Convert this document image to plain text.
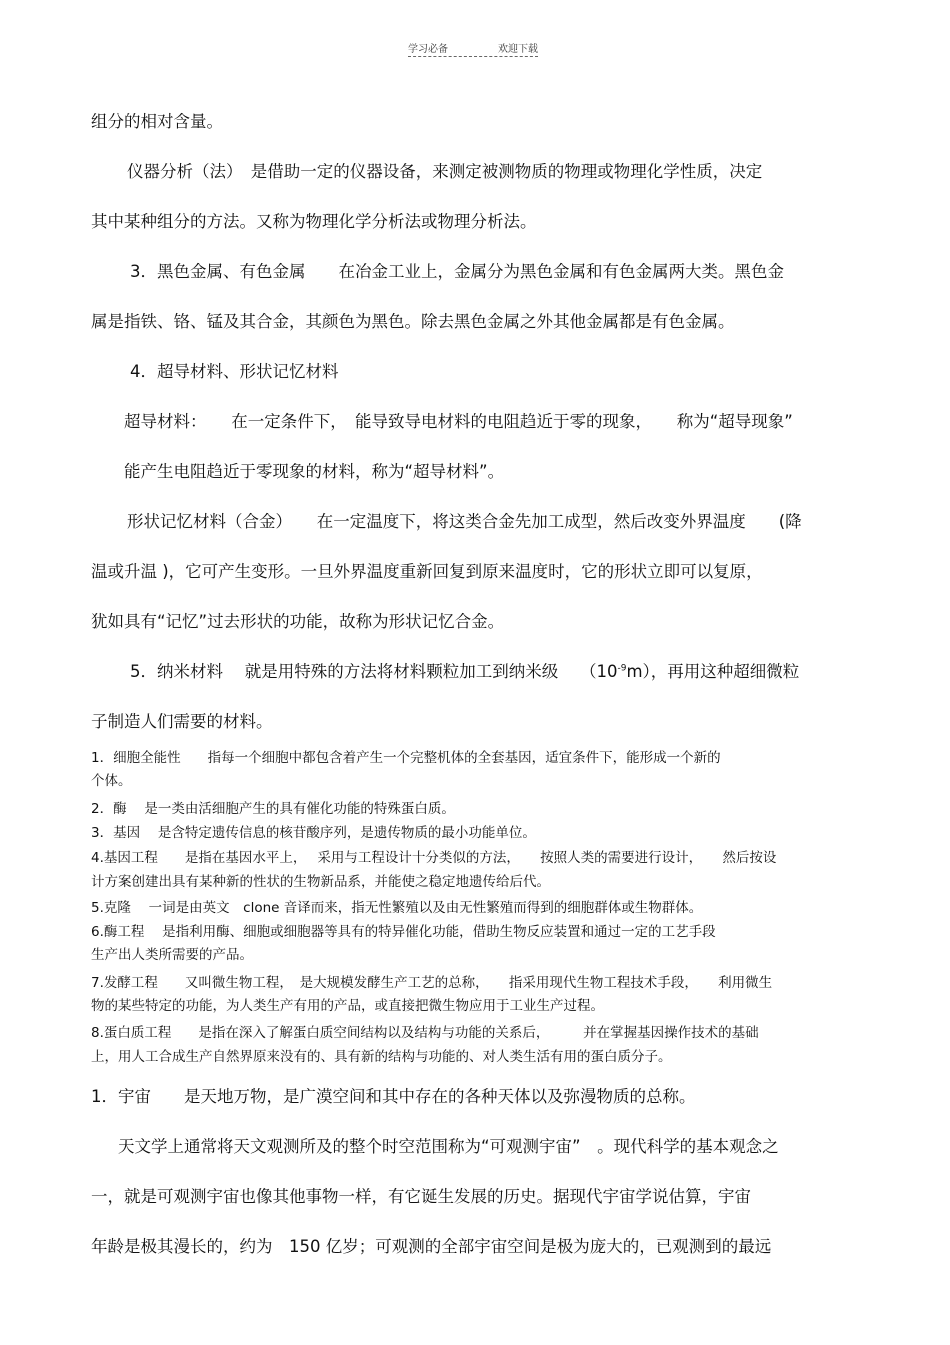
学习必备	欢迎下载
组分的相对含量。
仪器分析（法）　是借助一定的仪器设备，来测定被测物质的物理或物理化学性质，决定
其中某种组分的方法。又称为物理化学分析法或物理分析法。
3．黑色金属、有色金属　　在冶金工业上，金属分为黑色金属和有色金属两大类。黑色金
属是指铁、铬、锰及其合金，其颜色为黑色。除去黑色金属之外其他金属都是有色金属。
4．超导材料、形状记忆材料
超导材料：　　在一定条件下，　能导致导电材料的电阻趋近于零的现象，　　称为“超导现象”
能产生电阻趋近于零现象的材料，称为“超导材料”。
形状记忆材料（合金）　　在一定温度下，将这类合金先加工成型，然后改变外界温度　　(降
温或升温 )，它可产生变形。一旦外界温度重新回复到原来温度时，它的形状立即可以复原，
犹如具有“记忆”过去形状的功能，故称为形状记忆合金。
5．纳米材料　 就是用特殊的方法将材料颗粒加工到纳米级　 $(10^{-9}m)$，再用这种超细微粒
子制造人们需要的材料。
1．细胞全能性　　指每一个细胞中都包含着产生一个完整机体的全套基因，适宜条件下，能形成一个新的
个体。
2．酶　 是一类由活细胞产生的具有催化功能的特殊蛋白质。
3．基因　 是含特定遗传信息的核苷酸序列，是遗传物质的最小功能单位。
4.基因工程　　是指在基因水平上，　 采用与工程设计十分类似的方法，　　按照人类的需要进行设计，　　然后按设
计方案创建出具有某种新的性状的生物新品系，并能使之稳定地遗传给后代。
5.克隆　 一词是由英文　clone 音译而来，指无性繁殖以及由无性繁殖而得到的细胞群体或生物群体。
6.酶工程　 是指利用酶、细胞或细胞器等具有的特异催化功能，借助生物反应装置和通过一定的工艺手段
生产出人类所需要的产品。
7.发酵工程　　又叫微生物工程，　是大规模发酵生产工艺的总称，　　指采用现代生物工程技术手段，　　利用微生
物的某些特定的功能，为人类生产有用的产品，或直接把微生物应用于工业生产过程。
8.蛋白质工程　　是指在深入了解蛋白质空间结构以及结构与功能的关系后，　　　并在掌握基因操作技术的基础
上，用人工合成生产自然界原来没有的、具有新的结构与功能的、对人类生活有用的蛋白质分子。
1．宇宙　　是天地万物，是广漠空间和其中存在的各种天体以及弥漫物质的总称。
天文学上通常将天文观测所及的整个时空范围称为“可观测宇宙”　。现代科学的基本观念之
一，就是可观测宇宙也像其他事物一样，有它诞生发展的历史。据现代宇宙学说估算，宇宙
年龄是极其漫长的，约为　150 亿岁；可观测的全部宇宙空间是极为庞大的，已观测到的最远
